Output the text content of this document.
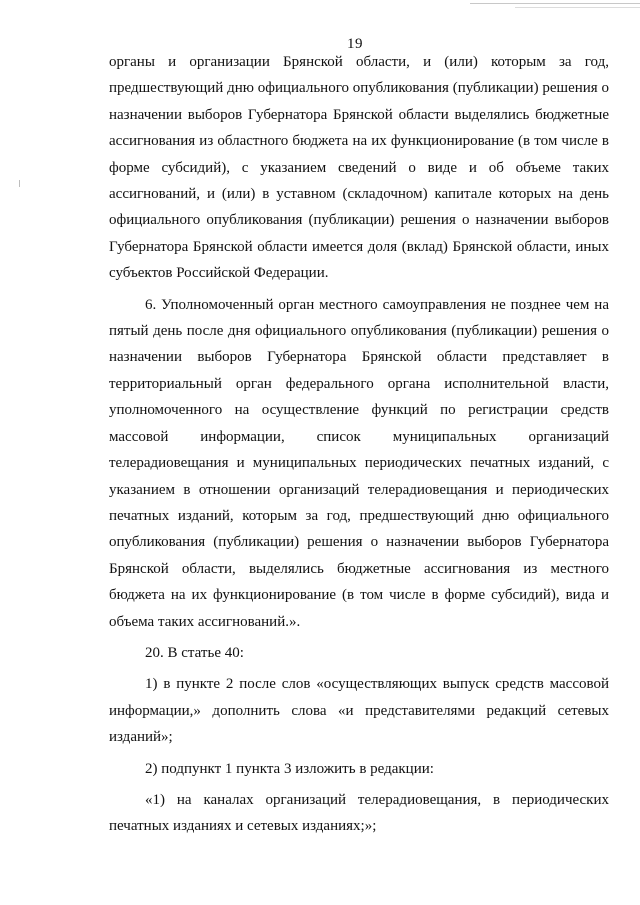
19

органы и организации Брянской области, и (или) которым за год, предшествующий дню официального опубликования (публикации) решения о назначении выборов Губернатора Брянской области выделялись бюджетные ассигнования из областного бюджета на их функционирование (в том числе в форме субсидий), с указанием сведений о виде и об объеме таких ассигнований, и (или) в уставном (складочном) капитале которых на день официального опубликования (публикации) решения о назначении выборов Губернатора Брянской области имеется доля (вклад) Брянской области, иных субъектов Российской Федерации.

6. Уполномоченный орган местного самоуправления не позднее чем на пятый день после дня официального опубликования (публикации) решения о назначении выборов Губернатора Брянской области представляет в территориальный орган федерального органа исполнительной власти, уполномоченного на осуществление функций по регистрации средств массовой информации, список муниципальных организаций телерадиовещания и муниципальных периодических печатных изданий, с указанием в отношении организаций телерадиовещания и периодических печатных изданий, которым за год, предшествующий дню официального опубликования (публикации) решения о назначении выборов Губернатора Брянской области, выделялись бюджетные ассигнования из местного бюджета на их функционирование (в том числе в форме субсидий), вида и объема таких ассигнований.».

20. В статье 40:

1) в пункте 2 после слов «осуществляющих выпуск средств массовой информации,» дополнить слова «и представителями редакций сетевых изданий»;

2) подпункт 1 пункта 3 изложить в редакции:

«1) на каналах организаций телерадиовещания, в периодических печатных изданиях и сетевых изданиях;»;
